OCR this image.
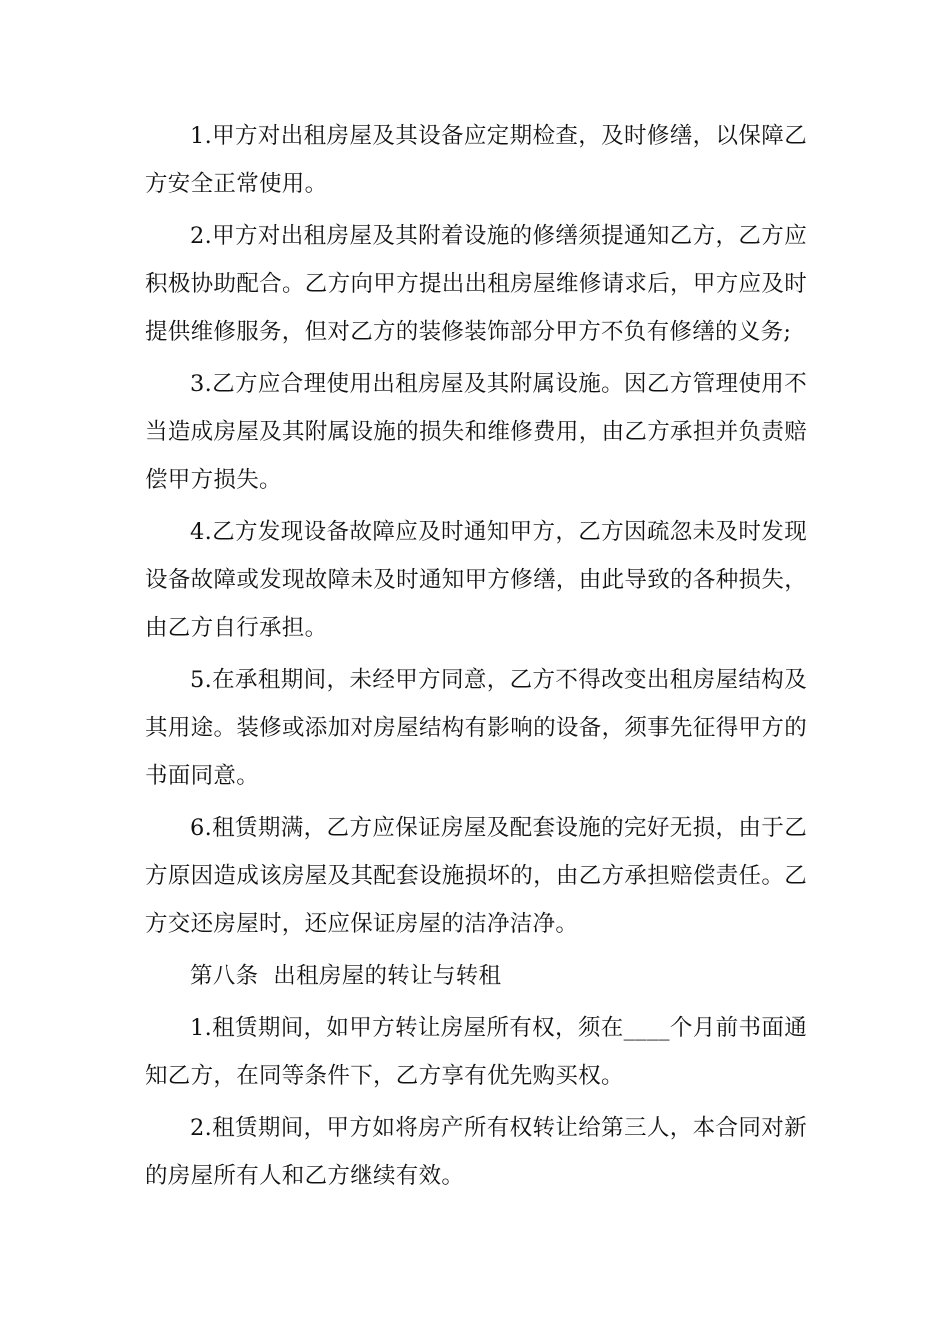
1.甲方对出租房屋及其设备应定期检查，及时修缮，以保障乙方安全正常使用。

2.甲方对出租房屋及其附着设施的修缮须提通知乙方，乙方应积极协助配合。乙方向甲方提出出租房屋维修请求后，甲方应及时提供维修服务，但对乙方的装修装饰部分甲方不负有修缮的义务;

3.乙方应合理使用出租房屋及其附属设施。因乙方管理使用不当造成房屋及其附属设施的损失和维修费用，由乙方承担并负责赔偿甲方损失。

4.乙方发现设备故障应及时通知甲方，乙方因疏忽未及时发现设备故障或发现故障未及时通知甲方修缮，由此导致的各种损失，由乙方自行承担。

5.在承租期间，未经甲方同意，乙方不得改变出租房屋结构及其用途。装修或添加对房屋结构有影响的设备，须事先征得甲方的书面同意。

6.租赁期满，乙方应保证房屋及配套设施的完好无损，由于乙方原因造成该房屋及其配套设施损坏的，由乙方承担赔偿责任。乙方交还房屋时，还应保证房屋的洁净洁净。

第八条  出租房屋的转让与转租

1.租赁期间，如甲方转让房屋所有权，须在____个月前书面通知乙方，在同等条件下，乙方享有优先购买权。

2.租赁期间，甲方如将房产所有权转让给第三人，本合同对新的房屋所有人和乙方继续有效。
